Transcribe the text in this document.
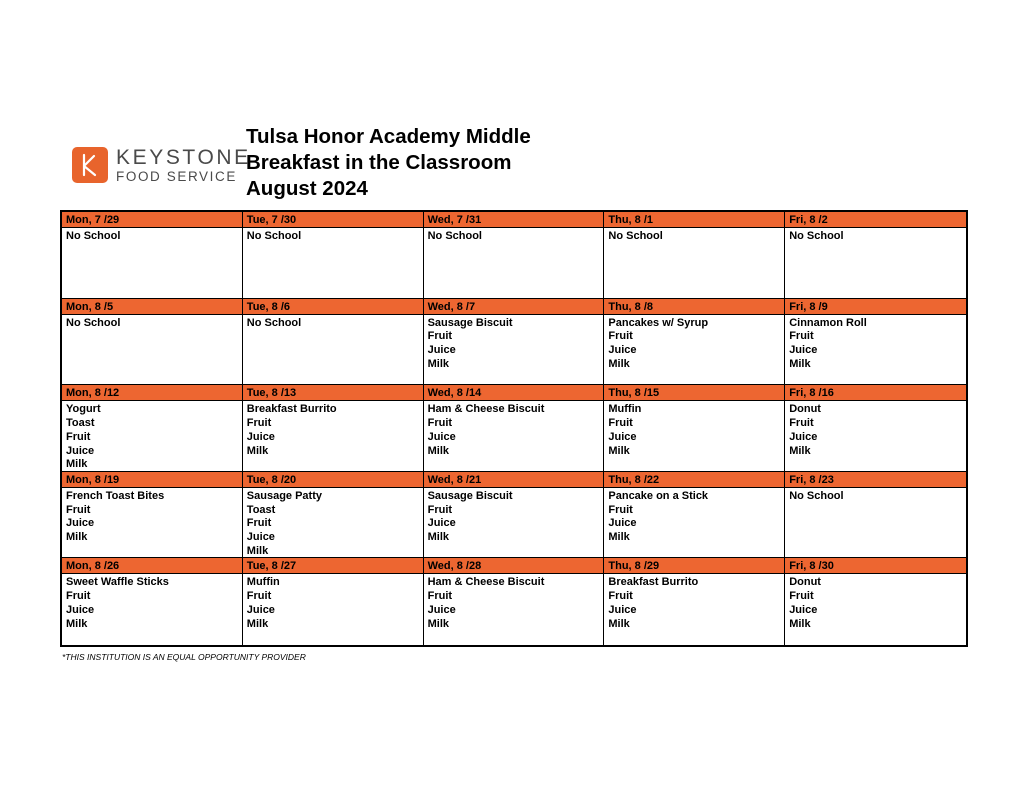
KEYSTONE
FOOD SERVICE
Tulsa Honor Academy Middle
Breakfast in the Classroom
August 2024
Mon, 7 /29
No School
Tue, 7 /30
No School
Wed, 7 /31
No School
Thu, 8 /1
No School
Fri, 8 /2
No School
Mon, 8 /5
No School
Tue, 8 /6
No School
Wed, 8 /7
Sausage Biscuit
Fruit
Juice
Milk
Thu, 8 /8
Pancakes w/ Syrup
Fruit
Juice
Milk
Fri, 8 /9
Cinnamon Roll
Fruit
Juice
Milk
Mon, 8 /12
Yogurt
Toast
Fruit
Juice
Milk
Tue, 8 /13
Breakfast Burrito
Fruit
Juice
Milk
Wed, 8 /14
Ham & Cheese Biscuit
Fruit
Juice
Milk
Thu, 8 /15
Muffin
Fruit
Juice
Milk
Fri, 8 /16
Donut
Fruit
Juice
Milk
Mon, 8 /19
French Toast Bites
Fruit
Juice
Milk
Tue, 8 /20
Sausage Patty
Toast
Fruit
Juice
Milk
Wed, 8 /21
Sausage Biscuit
Fruit
Juice
Milk
Thu, 8 /22
Pancake on a Stick
Fruit
Juice
Milk
Fri, 8 /23
No School
Mon, 8 /26
Sweet Waffle Sticks
Fruit
Juice
Milk
Tue, 8 /27
Muffin
Fruit
Juice
Milk
Wed, 8 /28
Ham & Cheese Biscuit
Fruit
Juice
Milk
Thu, 8 /29
Breakfast Burrito
Fruit
Juice
Milk
Fri, 8 /30
Donut
Fruit
Juice
Milk
*THIS INSTITUTION IS AN EQUAL OPPORTUNITY PROVIDER
